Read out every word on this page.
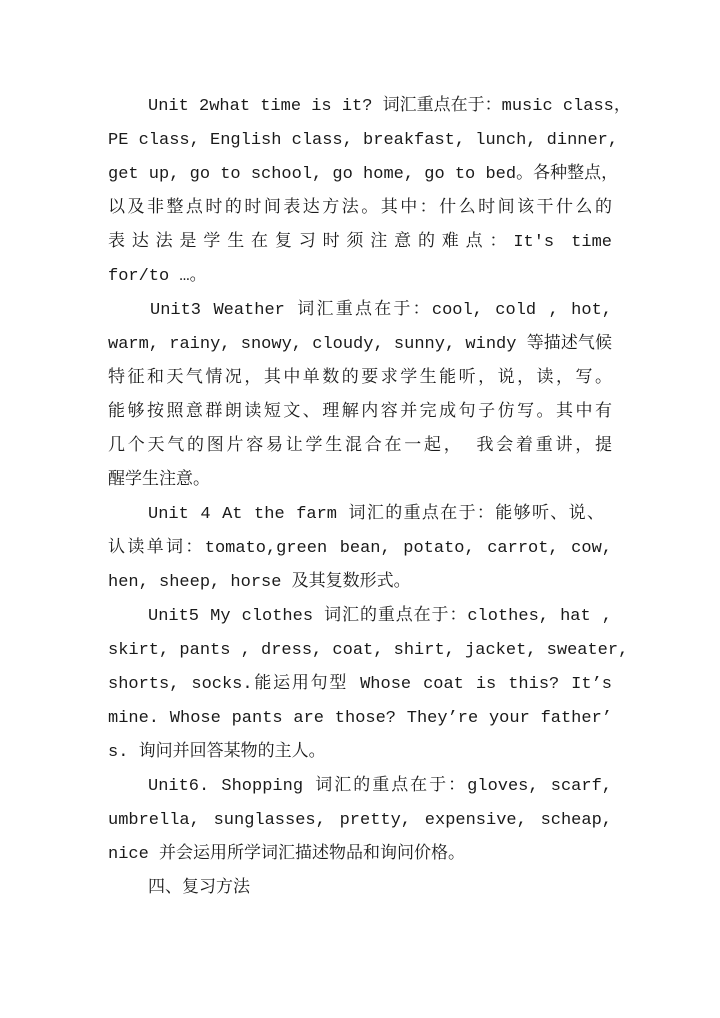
Unit 2what time is it? 词汇重点在于：music class，
PE class, English class, breakfast, lunch, dinner,
get up, go to school, go home, go to bed。各种整点，
以及非整点时的时间表达方法。其中：什么时间该干什么的
表达法是学生在复习时须注意的难点：It's time
for/to …。
Unit3 Weather 词汇重点在于：cool, cold , hot,
warm, rainy, snowy, cloudy, sunny, windy 等描述气候
特征和天气情况，其中单数的要求学生能听，说，读，写。
能够按照意群朗读短文、理解内容并完成句子仿写。其中有
几个天气的图片容易让学生混合在一起， 我会着重讲，提
醒学生注意。
Unit 4 At the farm 词汇的重点在于：能够听、说、
认读单词：tomato,green bean, potato, carrot, cow,
hen, sheep, horse 及其复数形式。
Unit5 My clothes 词汇的重点在于：clothes, hat ,
skirt, pants , dress, coat, shirt, jacket, sweater,
shorts, socks.能运用句型 Whose coat is this? It’s
mine. Whose pants are those? They’re your father’
s. 询问并回答某物的主人。
Unit6. Shopping 词汇的重点在于：gloves, scarf,
umbrella, sunglasses, pretty, expensive, scheap,
nice 并会运用所学词汇描述物品和询问价格。
四、复习方法
